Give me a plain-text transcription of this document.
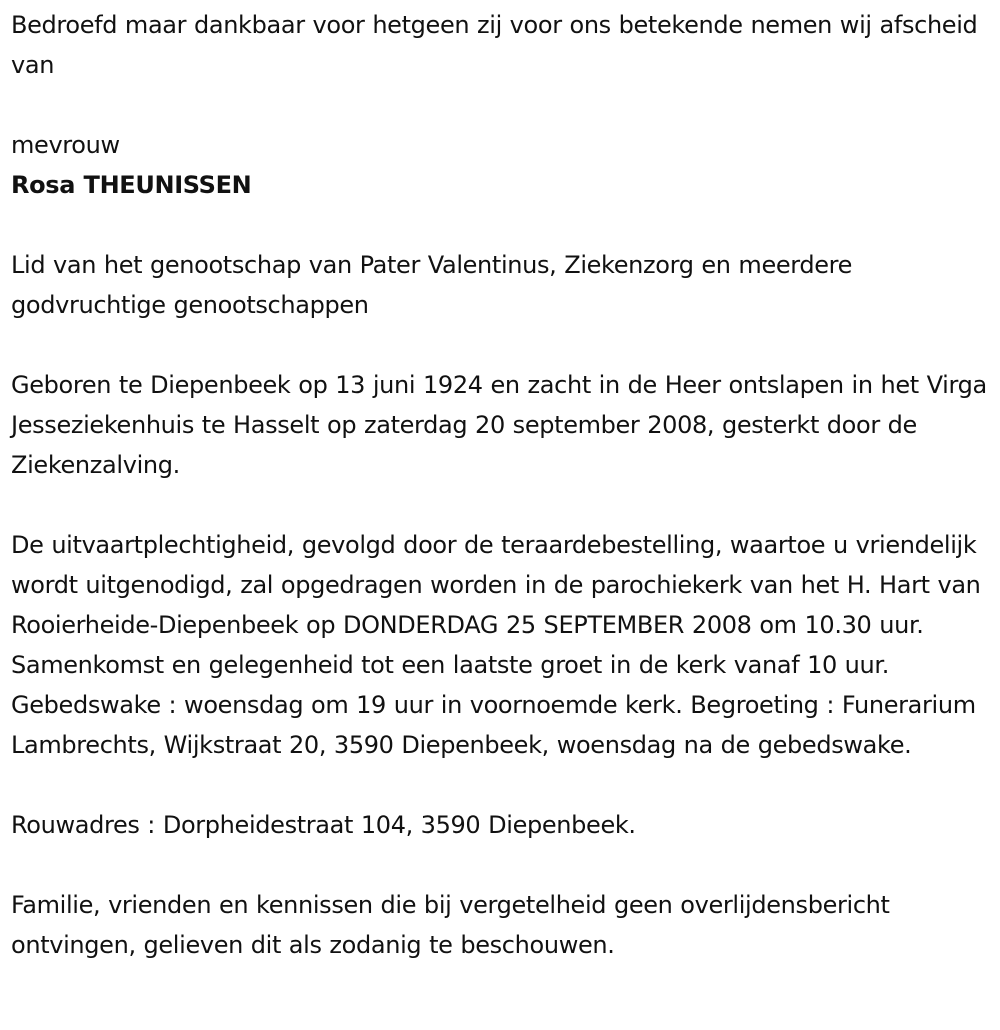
Bedroefd maar dankbaar voor hetgeen zij voor ons betekende nemen wij afscheid van

mevrouw

Rosa THEUNISSEN

Lid van het genootschap van Pater Valentinus, Ziekenzorg en meerdere godvruchtige genootschappen

Geboren te Diepenbeek op 13 juni 1924 en zacht in de Heer ontslapen in het Virga Jesseziekenhuis te Hasselt op zaterdag 20 september 2008, gesterkt door de Ziekenzalving.

De uitvaartplechtigheid, gevolgd door de teraardebestelling, waartoe u vriendelijk wordt uitgenodigd, zal opgedragen worden in de parochiekerk van het H. Hart van Rooierheide-Diepenbeek op DONDERDAG 25 SEPTEMBER 2008 om 10.30 uur. Samenkomst en gelegenheid tot een laatste groet in de kerk vanaf 10 uur. Gebedswake : woensdag om 19 uur in voornoemde kerk. Begroeting : Funerarium Lambrechts, Wijkstraat 20, 3590 Diepenbeek, woensdag na de gebedswake.

Rouwadres : Dorpheidestraat 104, 3590 Diepenbeek.

Familie, vrienden en kennissen die bij vergetelheid geen overlijdensbericht ontvingen, gelieven dit als zodanig te beschouwen.
